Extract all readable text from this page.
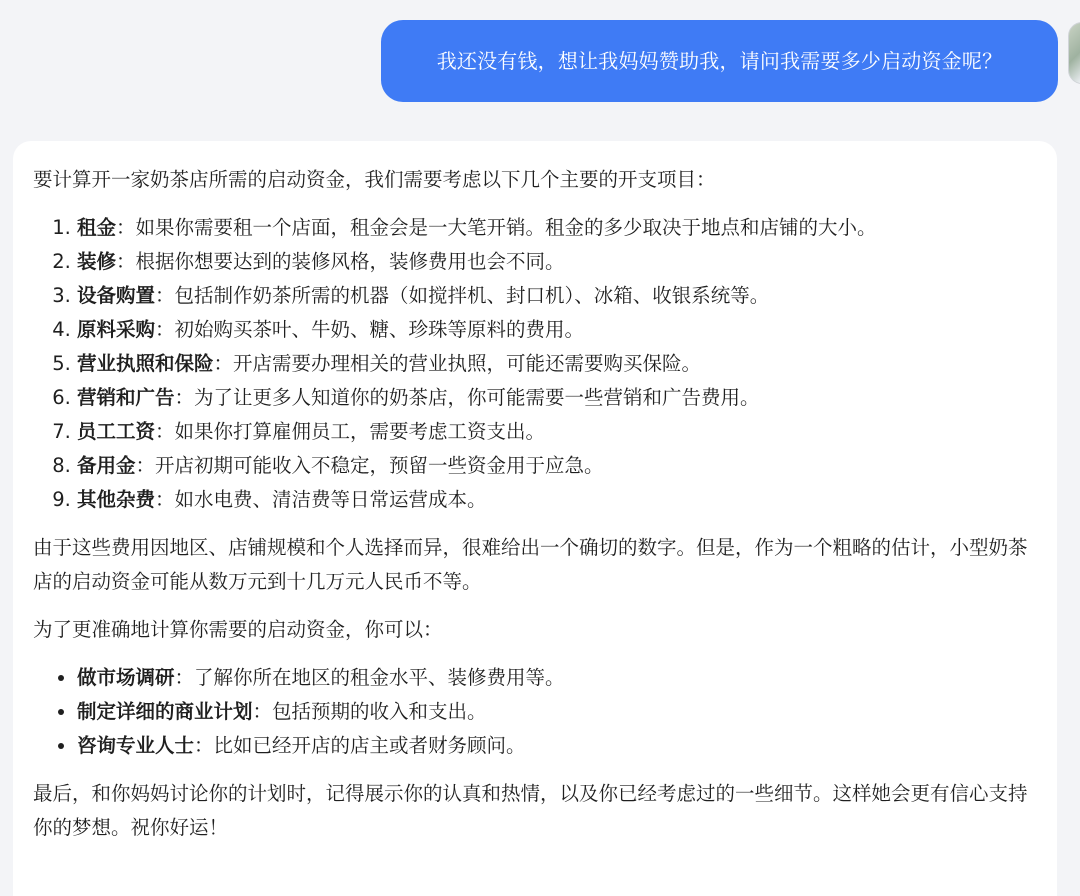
我还没有钱，想让我妈妈赞助我，请问我需要多少启动资金呢？

要计算开一家奶茶店所需的启动资金，我们需要考虑以下几个主要的开支项目：

1. 租金：如果你需要租一个店面，租金会是一大笔开销。租金的多少取决于地点和店铺的大小。
2. 装修：根据你想要达到的装修风格，装修费用也会不同。
3. 设备购置：包括制作奶茶所需的机器（如搅拌机、封口机）、冰箱、收银系统等。
4. 原料采购：初始购买茶叶、牛奶、糖、珍珠等原料的费用。
5. 营业执照和保险：开店需要办理相关的营业执照，可能还需要购买保险。
6. 营销和广告：为了让更多人知道你的奶茶店，你可能需要一些营销和广告费用。
7. 员工工资：如果你打算雇佣员工，需要考虑工资支出。
8. 备用金：开店初期可能收入不稳定，预留一些资金用于应急。
9. 其他杂费：如水电费、清洁费等日常运营成本。

由于这些费用因地区、店铺规模和个人选择而异，很难给出一个确切的数字。但是，作为一个粗略的估计，小型奶茶店的启动资金可能从数万元到十几万元人民币不等。

为了更准确地计算你需要的启动资金，你可以：

• 做市场调研：了解你所在地区的租金水平、装修费用等。
• 制定详细的商业计划：包括预期的收入和支出。
• 咨询专业人士：比如已经开店的店主或者财务顾问。

最后，和你妈妈讨论你的计划时，记得展示你的认真和热情，以及你已经考虑过的一些细节。这样她会更有信心支持你的梦想。祝你好运！
